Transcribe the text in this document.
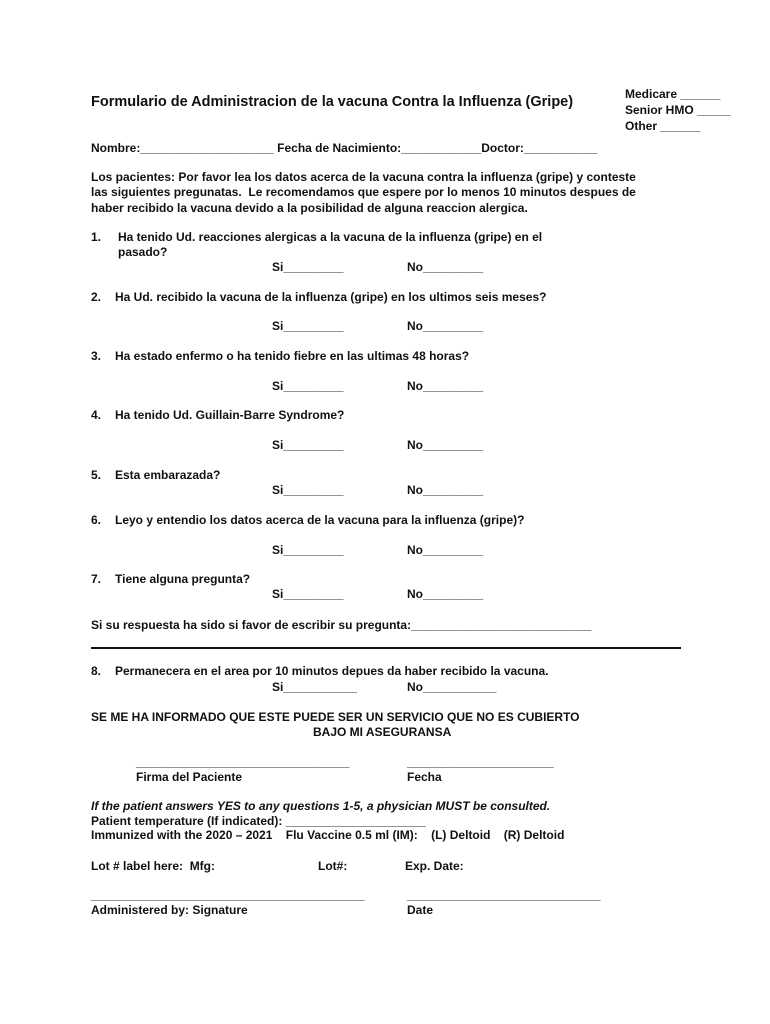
Formulario de Administracion de la vacuna Contra la Influenza (Gripe)	Medicare ______
Senior HMO _____
Other ______
Nombre:____________________ Fecha de Nacimiento:____________Doctor:___________
Los pacientes: Por favor lea los datos acerca de la vacuna contra la influenza (gripe) y conteste
las siguientes pregunatas.  Le recomendamos que espere por lo menos 10 minutos despues de
haber recibido la vacuna devido a la posibilidad de alguna reaccion alergica.
1. Ha tenido Ud. reacciones alergicas a la vacuna de la influenza (gripe) en el
pasado?
Si_________	No_________
2. Ha Ud. recibido la vacuna de la influenza (gripe) en los ultimos seis meses?
Si_________	No_________
3. Ha estado enfermo o ha tenido fiebre en las ultimas 48 horas?
Si_________	No_________
4. Ha tenido Ud. Guillain-Barre Syndrome?
Si_________	No_________
5. Esta embarazada?
Si_________	No_________
6. Leyo y entendio los datos acerca de la vacuna para la influenza (gripe)?
Si_________	No_________
7. Tiene alguna pregunta?
Si_________	No_________
Si su respuesta ha sido si favor de escribir su pregunta:___________________________
8. Permanecera en el area por 10 minutos depues da haber recibido la vacuna.
Si___________	No___________
SE ME HA INFORMADO QUE ESTE PUEDE SER UN SERVICIO QUE NO ES CUBIERTO
BAJO MI ASEGURANSA
________________________________
Firma del Paciente
______________________
Fecha
If the patient answers YES to any questions 1-5, a physician MUST be consulted.
Patient temperature (If indicated): _____________________
Immunized with the 2020 – 2021    Flu Vaccine 0.5 ml (IM):    (L) Deltoid    (R) Deltoid
Lot # label here:  Mfg:	Lot#:	Exp. Date:
_________________________________________
Administered by: Signature
_____________________________
Date
